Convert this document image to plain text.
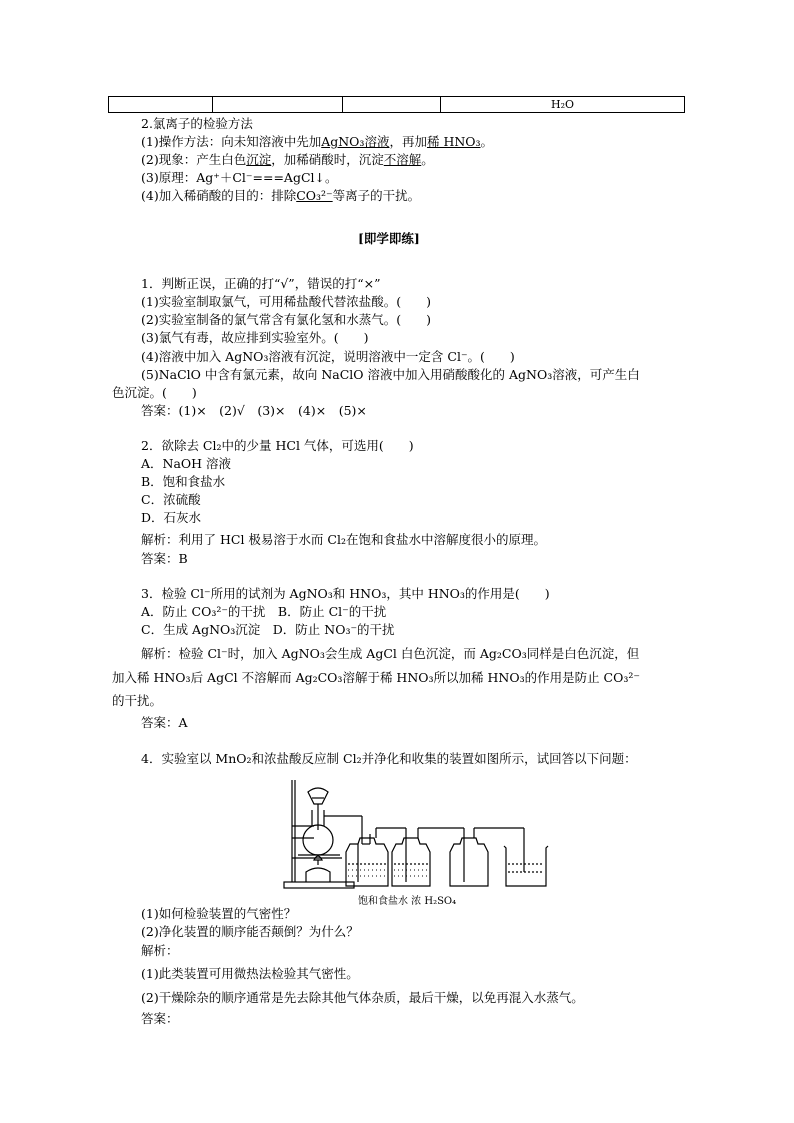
			H₂O
2.氯离子的检验方法
(1)操作方法：向未知溶液中先加AgNO₃溶液，再加稀 HNO₃。
(2)现象：产生白色沉淀，加稀硝酸时，沉淀不溶解。
(3)原理：Ag⁺＋Cl⁻===AgCl↓。
(4)加入稀硝酸的目的：排除CO₃²⁻等离子的干扰。
[即学即练]
1．判断正误，正确的打“√”，错误的打“×”
(1)实验室制取氯气，可用稀盐酸代替浓盐酸。(　　)
(2)实验室制备的氯气常含有氯化氢和水蒸气。(　　)
(3)氯气有毒，故应排到实验室外。(　　)
(4)溶液中加入 AgNO₃溶液有沉淀，说明溶液中一定含 Cl⁻。(　　)
(5)NaClO 中含有氯元素，故向 NaClO 溶液中加入用硝酸酸化的 AgNO₃溶液，可产生白
色沉淀。(　　)
答案：(1)×　(2)√　(3)×　(4)×　(5)×
2．欲除去 Cl₂中的少量 HCl 气体，可选用(　　)
A．NaOH 溶液
B．饱和食盐水
C．浓硫酸
D．石灰水
解析：利用了 HCl 极易溶于水而 Cl₂在饱和食盐水中溶解度很小的原理。
答案：B
3．检验 Cl⁻所用的试剂为 AgNO₃和 HNO₃，其中 HNO₃的作用是(　　)
A．防止 CO₃²⁻的干扰　B．防止 Cl⁻的干扰
C．生成 AgNO₃沉淀　D．防止 NO₃⁻的干扰
解析：检验 Cl⁻时，加入 AgNO₃会生成 AgCl 白色沉淀，而 Ag₂CO₃同样是白色沉淀，但
加入稀 HNO₃后 AgCl 不溶解而 Ag₂CO₃溶解于稀 HNO₃所以加稀 HNO₃的作用是防止 CO₃²⁻
的干扰。
答案：A
4．实验室以 MnO₂和浓盐酸反应制 Cl₂并净化和收集的装置如图所示，试回答以下问题：
饱和食盐水 浓 H₂SO₄
(1)如何检验装置的气密性？
(2)净化装置的顺序能否颠倒？为什么？
解析：
(1)此类装置可用微热法检验其气密性。
(2)干燥除杂的顺序通常是先去除其他气体杂质，最后干燥，以免再混入水蒸气。
答案：
